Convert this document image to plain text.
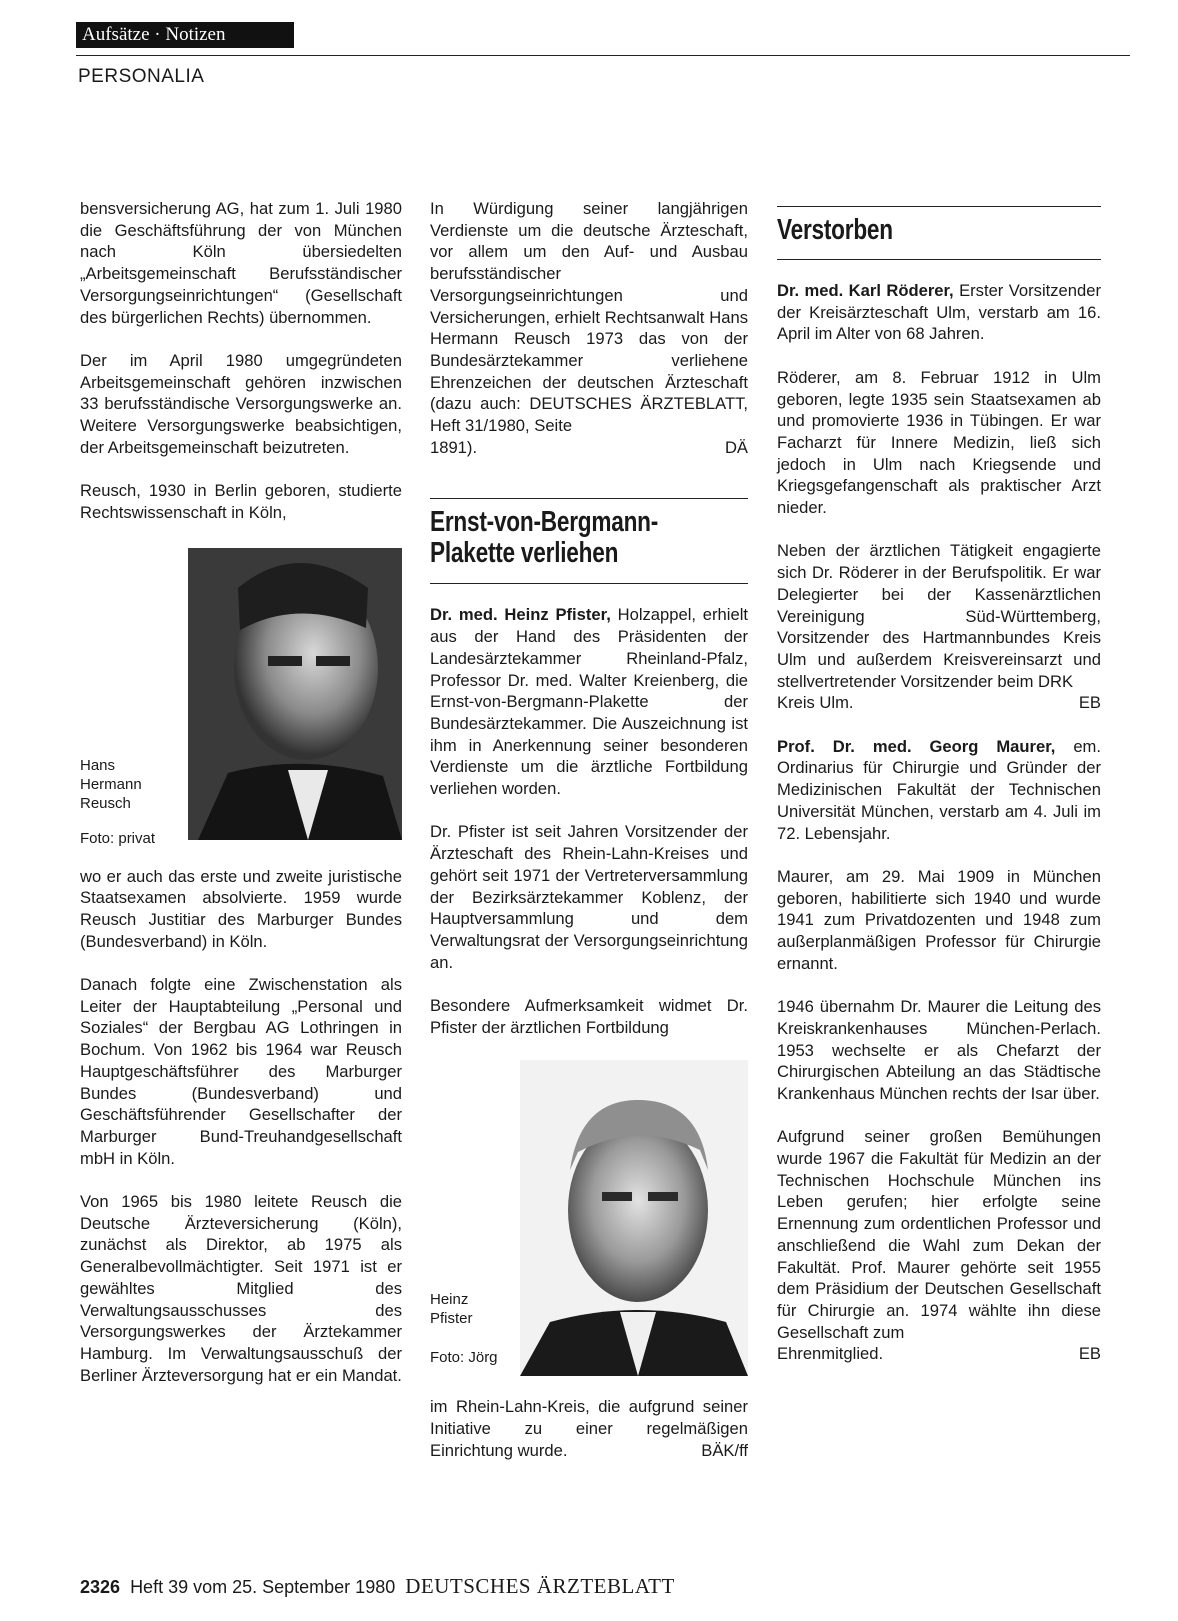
Aufsätze · Notizen
PERSONALIA

bensversicherung AG, hat zum 1. Juli 1980 die Geschäftsführung der von München nach Köln übersiedelten „Arbeitsgemeinschaft Berufsständischer Versorgungseinrichtungen“ (Gesellschaft des bürgerlichen Rechts) übernommen.

Der im April 1980 umgegründeten Arbeitsgemeinschaft gehören inzwischen 33 berufsständische Versorgungswerke an. Weitere Versorgungswerke beabsichtigen, der Arbeitsgemeinschaft beizutreten.

Reusch, 1930 in Berlin geboren, studierte Rechtswissenschaft in Köln,

Hans
Hermann
Reusch
Foto: privat

wo er auch das erste und zweite juristische Staatsexamen absolvierte. 1959 wurde Reusch Justitiar des Marburger Bundes (Bundesverband) in Köln.

Danach folgte eine Zwischenstation als Leiter der Hauptabteilung „Personal und Soziales“ der Bergbau AG Lothringen in Bochum. Von 1962 bis 1964 war Reusch Hauptgeschäftsführer des Marburger Bundes (Bundesverband) und Geschäftsführender Gesellschafter der Marburger Bund-Treuhandgesellschaft mbH in Köln.

Von 1965 bis 1980 leitete Reusch die Deutsche Ärzteversicherung (Köln), zunächst als Direktor, ab 1975 als Generalbevollmächtigter. Seit 1971 ist er gewähltes Mitglied des Verwaltungsausschusses des Versorgungswerkes der Ärztekammer Hamburg. Im Verwaltungsausschuß der Berliner Ärzteversorgung hat er ein Mandat.

In Würdigung seiner langjährigen Verdienste um die deutsche Ärzteschaft, vor allem um den Auf- und Ausbau berufsständischer Versorgungseinrichtungen und Versicherungen, erhielt Rechtsanwalt Hans Hermann Reusch 1973 das von der Bundesärztekammer verliehene Ehrenzeichen der deutschen Ärzteschaft (dazu auch: DEUTSCHES ÄRZTEBLATT, Heft 31/1980, Seite

1891).	DÄ
Ernst-von-Bergmann-
Plakette verliehen

Dr. med. Heinz Pfister, Holzappel, erhielt aus der Hand des Präsidenten der Landesärztekammer Rheinland-Pfalz, Professor Dr. med. Walter Kreienberg, die Ernst-von-Bergmann-Plakette der Bundesärztekammer. Die Auszeichnung ist ihm in Anerkennung seiner besonderen Verdienste um die ärztliche Fortbildung verliehen worden.

Dr. Pfister ist seit Jahren Vorsitzender der Ärzteschaft des Rhein-Lahn-Kreises und gehört seit 1971 der Vertreterversammlung der Bezirksärztekammer Koblenz, der Hauptversammlung und dem Verwaltungsrat der Versorgungseinrichtung an.

Besondere Aufmerksamkeit widmet Dr. Pfister der ärztlichen Fortbildung

Heinz
Pfister
Foto: Jörg

im Rhein-Lahn-Kreis, die aufgrund seiner Initiative zu einer regelmäßigen Einrichtung wurde.	BÄK/ff
Verstorben

Dr. med. Karl Röderer, Erster Vorsitzender der Kreisärzteschaft Ulm, verstarb am 16. April im Alter von 68 Jahren.

Röderer, am 8. Februar 1912 in Ulm geboren, legte 1935 sein Staatsexamen ab und promovierte 1936 in Tübingen. Er war Facharzt für Innere Medizin, ließ sich jedoch in Ulm nach Kriegsende und Kriegsgefangenschaft als praktischer Arzt nieder.

Neben der ärztlichen Tätigkeit engagierte sich Dr. Röderer in der Berufspolitik. Er war Delegierter bei der Kassenärztlichen Vereinigung Süd-Württemberg, Vorsitzender des Hartmannbundes Kreis Ulm und außerdem Kreisvereinsarzt und stellvertretender Vorsitzender beim DRK

Kreis Ulm.	EB

Prof. Dr. med. Georg Maurer, em. Ordinarius für Chirurgie und Gründer der Medizinischen Fakultät der Technischen Universität München, verstarb am 4. Juli im 72. Lebensjahr.

Maurer, am 29. Mai 1909 in München geboren, habilitierte sich 1940 und wurde 1941 zum Privatdozenten und 1948 zum außerplanmäßigen Professor für Chirurgie ernannt.

1946 übernahm Dr. Maurer die Leitung des Kreiskrankenhauses München-Perlach. 1953 wechselte er als Chefarzt der Chirurgischen Abteilung an das Städtische Krankenhaus München rechts der Isar über.

Aufgrund seiner großen Bemühungen wurde 1967 die Fakultät für Medizin an der Technischen Hochschule München ins Leben gerufen; hier erfolgte seine Ernennung zum ordentlichen Professor und anschließend die Wahl zum Dekan der Fakultät. Prof. Maurer gehörte seit 1955 dem Präsidium der Deutschen Gesellschaft für Chirurgie an. 1974 wählte ihn diese Gesellschaft zum

Ehrenmitglied.	EB
2326 Heft 39 vom 25. September 1980 DEUTSCHES ÄRZTEBLATT
